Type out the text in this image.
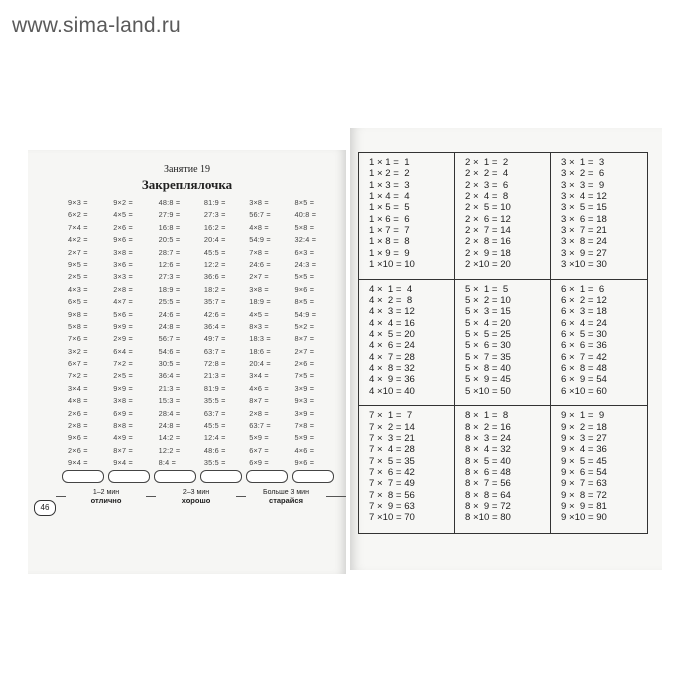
www.sima-land.ru
Занятие 19
Закреплялочка
9×3 =	9×2 =	48:8 =	81:9 =	3×8 =	8×5 =
6×2 =	4×5 =	27:9 =	27:3 =	56:7 =	40:8 =
7×4 =	2×6 =	16:8 =	16:2 =	4×8 =	5×8 =
4×2 =	9×6 =	20:5 =	20:4 =	54:9 =	32:4 =
2×7 =	3×8 =	28:7 =	45:5 =	7×8 =	6×3 =
9×5 =	3×6 =	12:6 =	12:2 =	24:6 =	24:3 =
2×5 =	3×3 =	27:3 =	36:6 =	2×7 =	5×5 =
4×3 =	2×8 =	18:9 =	18:2 =	3×8 =	9×6 =
6×5 =	4×7 =	25:5 =	35:7 =	18:9 =	8×5 =
9×8 =	5×6 =	24:6 =	42:6 =	4×5 =	54:9 =
5×8 =	9×9 =	24:8 =	36:4 =	8×3 =	5×2 =
7×6 =	2×9 =	56:7 =	49:7 =	18:3 =	8×7 =
3×2 =	6×4 =	54:6 =	63:7 =	18:6 =	2×7 =
6×7 =	7×2 =	30:5 =	72:8 =	20:4 =	2×6 =
7×2 =	2×5 =	36:4 =	21:3 =	3×4 =	7×5 =
3×4 =	9×9 =	21:3 =	81:9 =	4×6 =	3×9 =
4×8 =	3×8 =	15:3 =	35:5 =	8×7 =	9×3 =
2×6 =	6×9 =	28:4 =	63:7 =	2×8 =	3×9 =
2×8 =	8×8 =	24:8 =	45:5 =	63:7 =	7×8 =
9×6 =	4×9 =	14:2 =	12:4 =	5×9 =	5×9 =
2×6 =	8×7 =	12:2 =	48:6 =	6×7 =	4×6 =
9×4 =	9×4 =	8:4 =	35:5 =	6×9 =	9×6 =
1–2 мин
отлично
2–3 мин
хорошо
Больше 3 мин
старайся
46
1 × 1 =  1
1 × 2 =  2
1 × 3 =  3
1 × 4 =  4
1 × 5 =  5
1 × 6 =  6
1 × 7 =  7
1 × 8 =  8
1 × 9 =  9
1 ×10 = 10
2 ×  1 =  2
2 ×  2 =  4
2 ×  3 =  6
2 ×  4 =  8
2 ×  5 = 10
2 ×  6 = 12
2 ×  7 = 14
2 ×  8 = 16
2 ×  9 = 18
2 ×10 = 20
3 ×  1 =  3
3 ×  2 =  6
3 ×  3 =  9
3 ×  4 = 12
3 ×  5 = 15
3 ×  6 = 18
3 ×  7 = 21
3 ×  8 = 24
3 ×  9 = 27
3 ×10 = 30
4 ×  1 =  4
4 ×  2 =  8
4 ×  3 = 12
4 ×  4 = 16
4 ×  5 = 20
4 ×  6 = 24
4 ×  7 = 28
4 ×  8 = 32
4 ×  9 = 36
4 ×10 = 40
5 ×  1 =  5
5 ×  2 = 10
5 ×  3 = 15
5 ×  4 = 20
5 ×  5 = 25
5 ×  6 = 30
5 ×  7 = 35
5 ×  8 = 40
5 ×  9 = 45
5 ×10 = 50
6 ×  1 =  6
6 ×  2 = 12
6 ×  3 = 18
6 ×  4 = 24
6 ×  5 = 30
6 ×  6 = 36
6 ×  7 = 42
6 ×  8 = 48
6 ×  9 = 54
6 ×10 = 60
7 ×  1 =  7
7 ×  2 = 14
7 ×  3 = 21
7 ×  4 = 28
7 ×  5 = 35
7 ×  6 = 42
7 ×  7 = 49
7 ×  8 = 56
7 ×  9 = 63
7 ×10 = 70
8 ×  1 =  8
8 ×  2 = 16
8 ×  3 = 24
8 ×  4 = 32
8 ×  5 = 40
8 ×  6 = 48
8 ×  7 = 56
8 ×  8 = 64
8 ×  9 = 72
8 ×10 = 80
9 ×  1 =  9
9 ×  2 = 18
9 ×  3 = 27
9 ×  4 = 36
9 ×  5 = 45
9 ×  6 = 54
9 ×  7 = 63
9 ×  8 = 72
9 ×  9 = 81
9 ×10 = 90
